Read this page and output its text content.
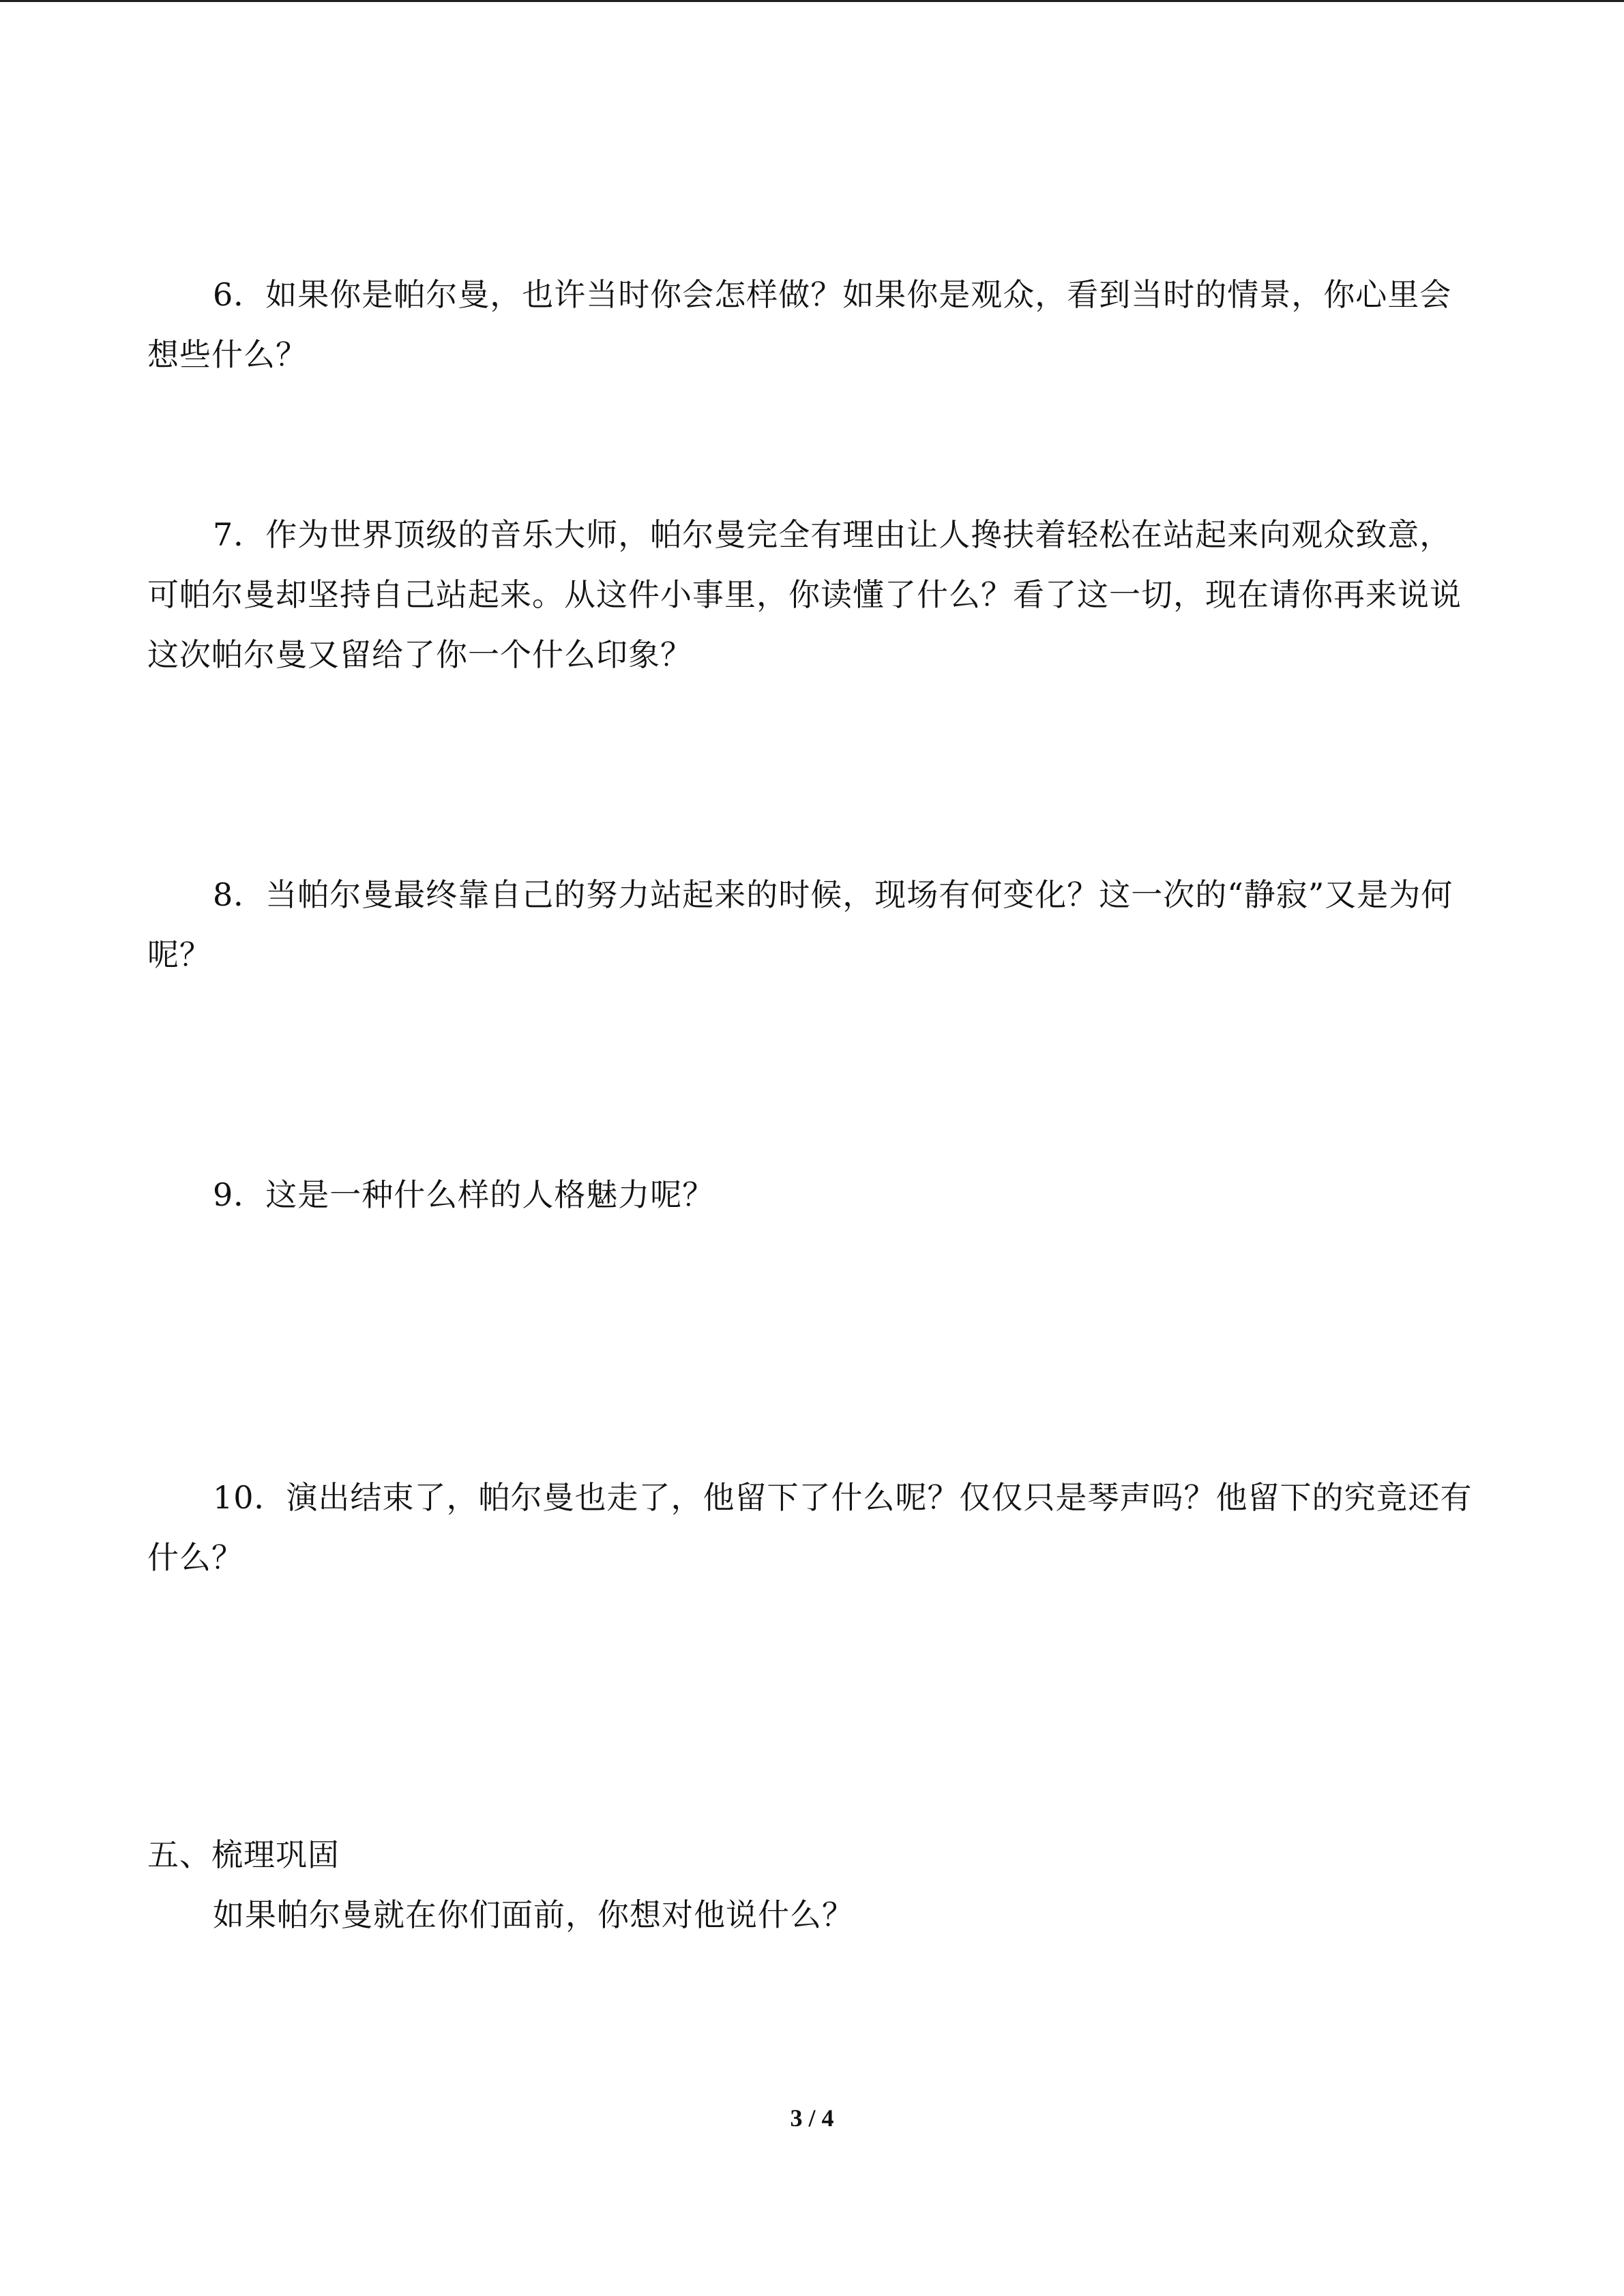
6．如果你是帕尔曼，也许当时你会怎样做？如果你是观众，看到当时的情景，你心里会想些什么？

7．作为世界顶级的音乐大师，帕尔曼完全有理由让人搀扶着轻松在站起来向观众致意，可帕尔曼却坚持自己站起来。从这件小事里，你读懂了什么？看了这一切，现在请你再来说说这次帕尔曼又留给了你一个什么印象？

8．当帕尔曼最终靠自己的努力站起来的时候，现场有何变化？这一次的“静寂”又是为何呢？

9．这是一种什么样的人格魅力呢？

10．演出结束了，帕尔曼也走了，他留下了什么呢？仅仅只是琴声吗？他留下的究竟还有什么？

五、梳理巩固

如果帕尔曼就在你们面前，你想对他说什么？

3 / 4
